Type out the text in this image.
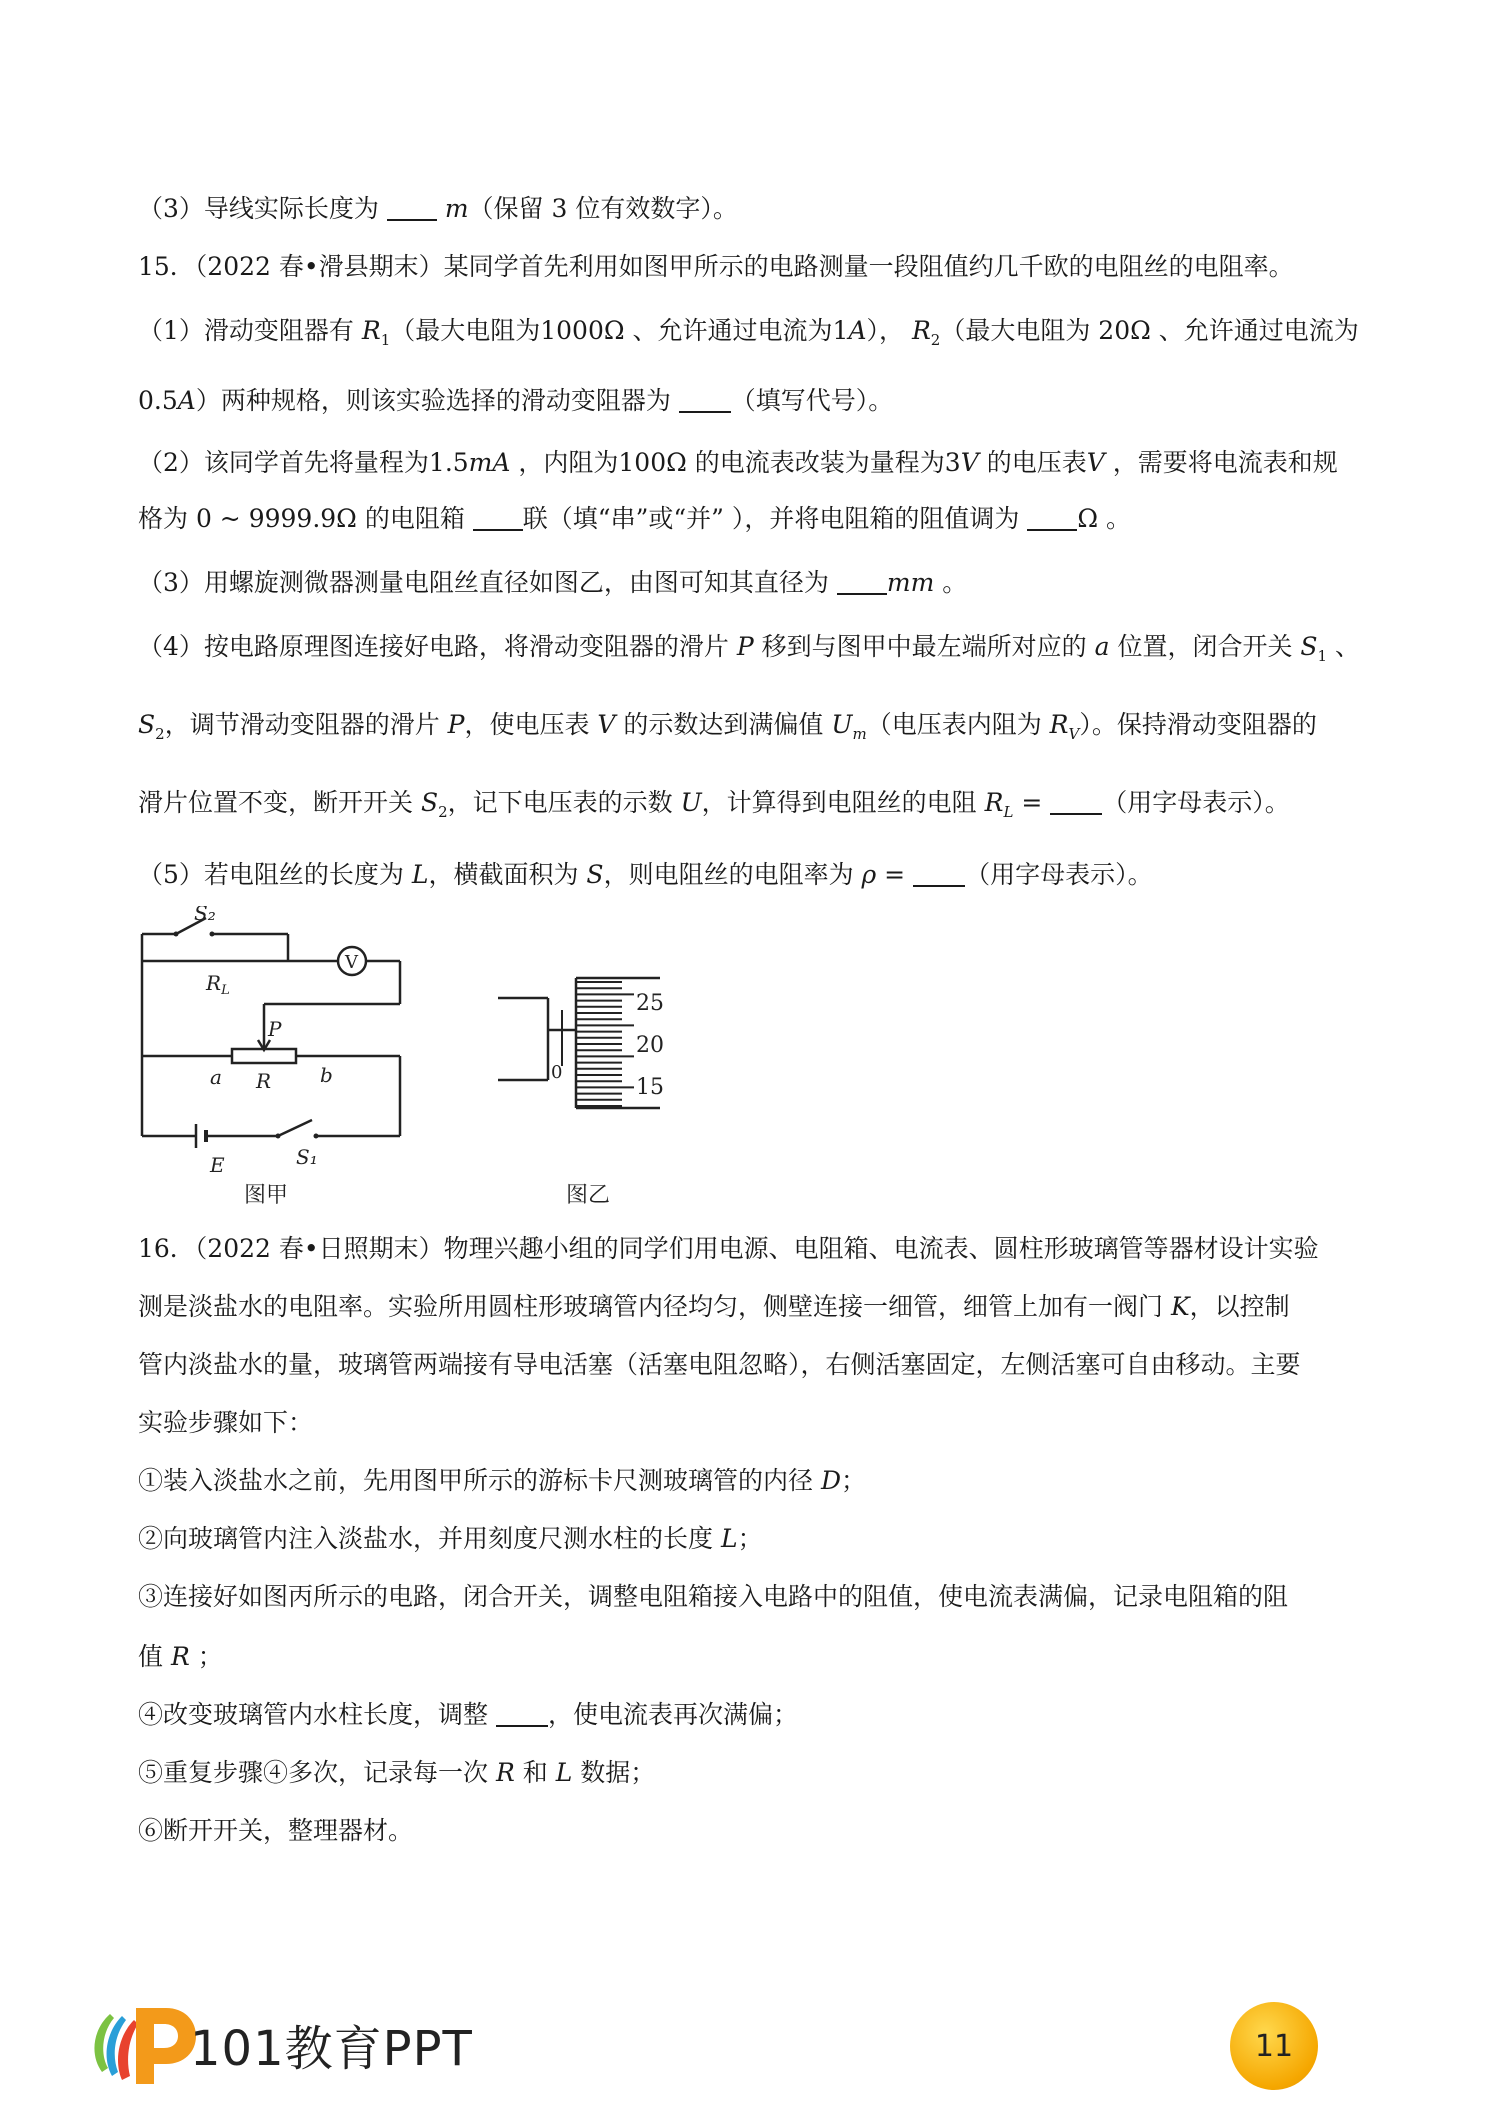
（3）导线实际长度为  m（保留 3 位有效数字）。
15．（2022 春•滑县期末）某同学首先利用如图甲所示的电路测量一段阻值约几千欧的电阻丝的电阻率。
（1）滑动变阻器有 $R_1$（最大电阻为1000Ω 、允许通过电流为1A）， $R_2$（最大电阻为 20Ω 、允许通过电流为
0.5A）两种规格，则该实验选择的滑动变阻器为 （填写代号）。
（2）该同学首先将量程为1.5mA ，内阻为100Ω 的电流表改装为量程为3V 的电压表V ，需要将电流表和规
格为 0 ~ 9999.9Ω 的电阻箱 联（填“串”或“并” ），并将电阻箱的阻值调为 Ω 。
（3）用螺旋测微器测量电阻丝直径如图乙，由图可知其直径为 mm 。
（4）按电路原理图连接好电路，将滑动变阻器的滑片 P 移到与图甲中最左端所对应的 a 位置，闭合开关 $S_1$ 、
$S_2$，调节滑动变阻器的滑片 P，使电压表 V 的示数达到满偏值 $U_m$（电压表内阻为 $R_V$）。保持滑动变阻器的
滑片位置不变，断开开关 $S_2$，记下电压表的示数 U，计算得到电阻丝的电阻 $R_L$ = （用字母表示）。
（5）若电阻丝的长度为 L，横截面积为 S，则电阻丝的电阻率为 ρ = （用字母表示）。
S₂
V
$R_L$
P
a R b
E	S₁
图甲
25
20
15
0
图乙
16．（2022 春•日照期末）物理兴趣小组的同学们用电源、电阻箱、电流表、圆柱形玻璃管等器材设计实验
测是淡盐水的电阻率。实验所用圆柱形玻璃管内径均匀，侧壁连接一细管，细管上加有一阀门 K，以控制
管内淡盐水的量，玻璃管两端接有导电活塞（活塞电阻忽略），右侧活塞固定，左侧活塞可自由移动。主要
实验步骤如下：
①装入淡盐水之前，先用图甲所示的游标卡尺测玻璃管的内径 D；
②向玻璃管内注入淡盐水，并用刻度尺测水柱的长度 L；
③连接好如图丙所示的电路，闭合开关，调整电阻箱接入电路中的阻值，使电流表满偏，记录电阻箱的阻
值 R ；
④改变玻璃管内水柱长度，调整 ，使电流表再次满偏；
⑤重复步骤④多次，记录每一次 R 和 L 数据；
⑥断开开关，整理器材。
101教育PPT	11
